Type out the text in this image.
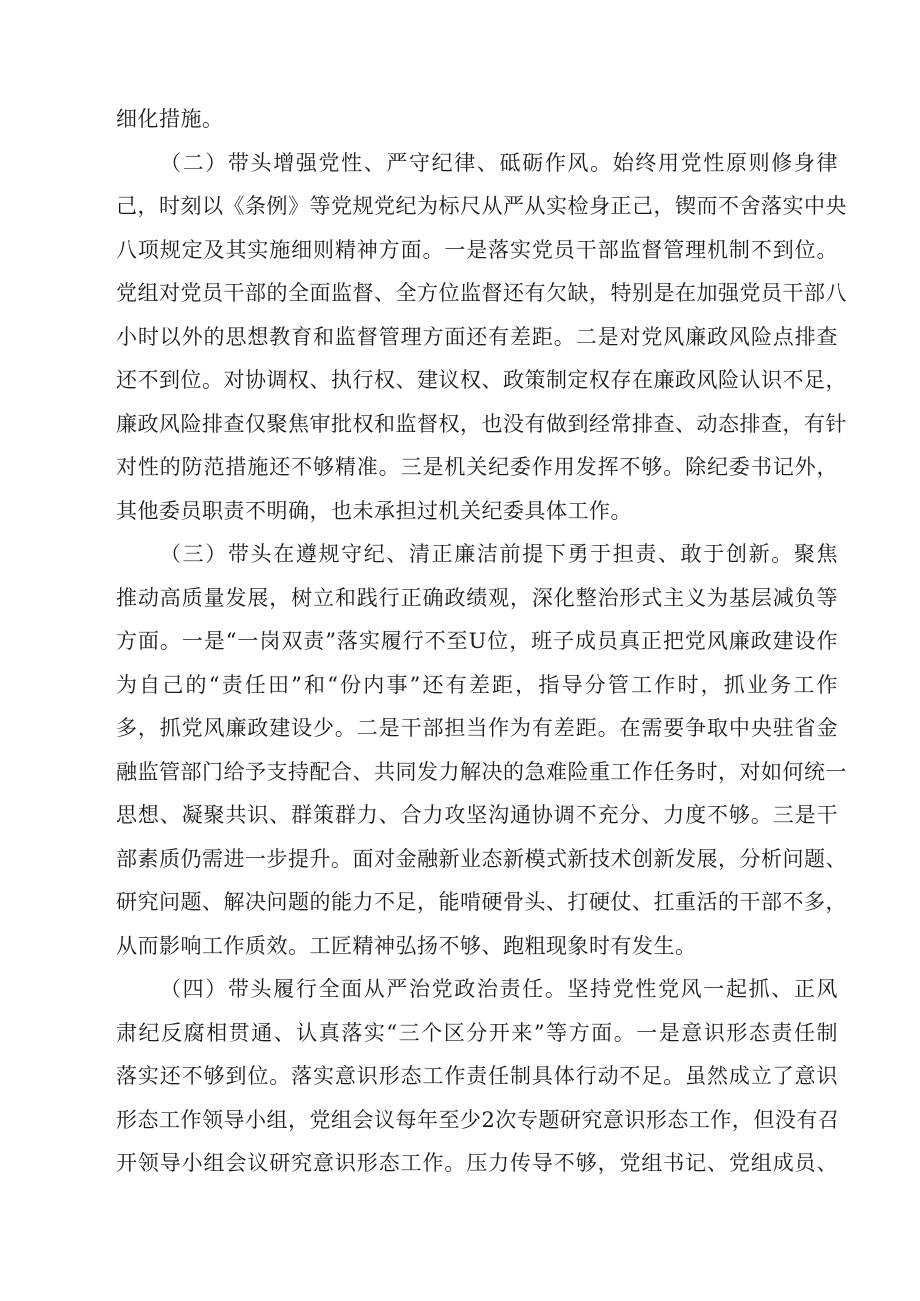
细化措施。
（二）带头增强党性、严守纪律、砥砺作风。始终用党性原则修身律
己，时刻以《条例》等党规党纪为标尺从严从实检身正己，锲而不舍落实中央
八项规定及其实施细则精神方面。一是落实党员干部监督管理机制不到位。
党组对党员干部的全面监督、全方位监督还有欠缺，特别是在加强党员干部八
小时以外的思想教育和监督管理方面还有差距。二是对党风廉政风险点排查
还不到位。对协调权、执行权、建议权、政策制定权存在廉政风险认识不足，
廉政风险排查仅聚焦审批权和监督权，也没有做到经常排查、动态排查，有针
对性的防范措施还不够精准。三是机关纪委作用发挥不够。除纪委书记外，
其他委员职责不明确，也未承担过机关纪委具体工作。
（三）带头在遵规守纪、清正廉洁前提下勇于担责、敢于创新。聚焦
推动高质量发展，树立和践行正确政绩观，深化整治形式主义为基层减负等
方面。一是“一岗双责”落实履行不至U位，班子成员真正把党风廉政建设作
为自己的“责任田”和“份内事”还有差距，指导分管工作时，抓业务工作
多，抓党风廉政建设少。二是干部担当作为有差距。在需要争取中央驻省金
融监管部门给予支持配合、共同发力解决的急难险重工作任务时，对如何统一
思想、凝聚共识、群策群力、合力攻坚沟通协调不充分、力度不够。三是干
部素质仍需进一步提升。面对金融新业态新模式新技术创新发展，分析问题、
研究问题、解决问题的能力不足，能啃硬骨头、打硬仗、扛重活的干部不多，
从而影响工作质效。工匠精神弘扬不够、跑粗现象时有发生。
（四）带头履行全面从严治党政治责任。坚持党性党风一起抓、正风
肃纪反腐相贯通、认真落实“三个区分开来”等方面。一是意识形态责任制
落实还不够到位。落实意识形态工作责任制具体行动不足。虽然成立了意识
形态工作领导小组，党组会议每年至少2次专题研究意识形态工作，但没有召
开领导小组会议研究意识形态工作。压力传导不够，党组书记、党组成员、
